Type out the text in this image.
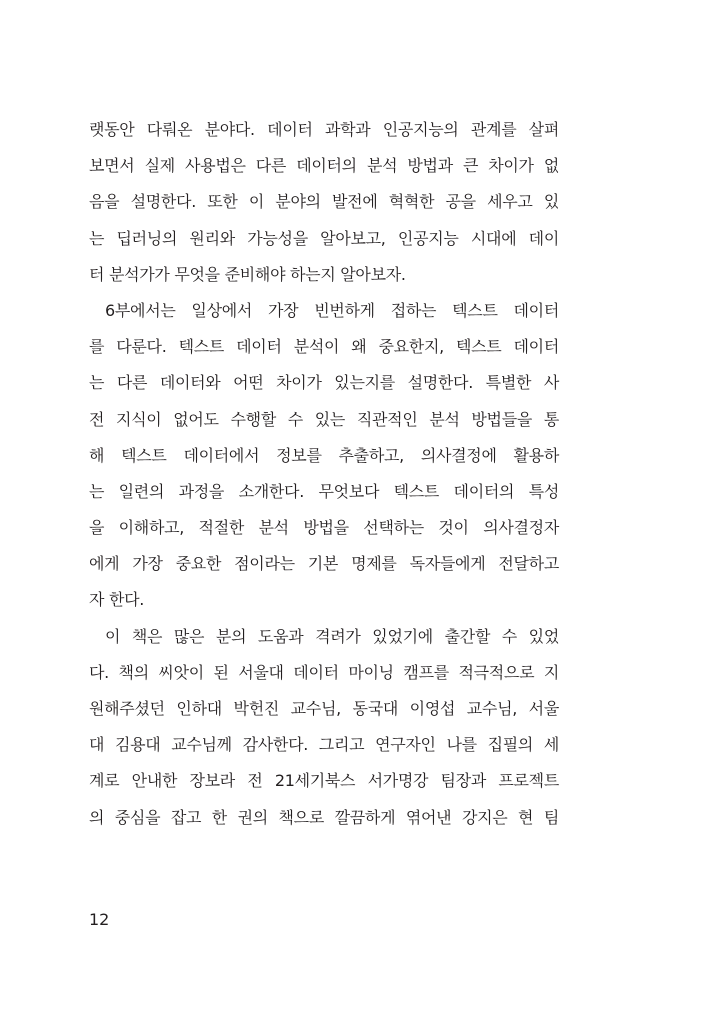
랫동안 다뤄온 분야다. 데이터 과학과 인공지능의 관계를 살펴
보면서 실제 사용법은 다른 데이터의 분석 방법과 큰 차이가 없
음을 설명한다. 또한 이 분야의 발전에 혁혁한 공을 세우고 있
는 딥러닝의 원리와 가능성을 알아보고, 인공지능 시대에 데이
터 분석가가 무엇을 준비해야 하는지 알아보자.
6부에서는 일상에서 가장 빈번하게 접하는 텍스트 데이터
를 다룬다. 텍스트 데이터 분석이 왜 중요한지, 텍스트 데이터
는 다른 데이터와 어떤 차이가 있는지를 설명한다. 특별한 사
전 지식이 없어도 수행할 수 있는 직관적인 분석 방법들을 통
해 텍스트 데이터에서 정보를 추출하고, 의사결정에 활용하
는 일련의 과정을 소개한다. 무엇보다 텍스트 데이터의 특성
을 이해하고, 적절한 분석 방법을 선택하는 것이 의사결정자
에게 가장 중요한 점이라는 기본 명제를 독자들에게 전달하고
자 한다.
이 책은 많은 분의 도움과 격려가 있었기에 출간할 수 있었
다. 책의 씨앗이 된 서울대 데이터 마이닝 캠프를 적극적으로 지
원해주셨던 인하대 박헌진 교수님, 동국대 이영섭 교수님, 서울
대 김용대 교수님께 감사한다. 그리고 연구자인 나를 집필의 세
계로 안내한 장보라 전 21세기북스 서가명강 팀장과 프로젝트
의 중심을 잡고 한 권의 책으로 깔끔하게 엮어낸 강지은 현 팀
12
